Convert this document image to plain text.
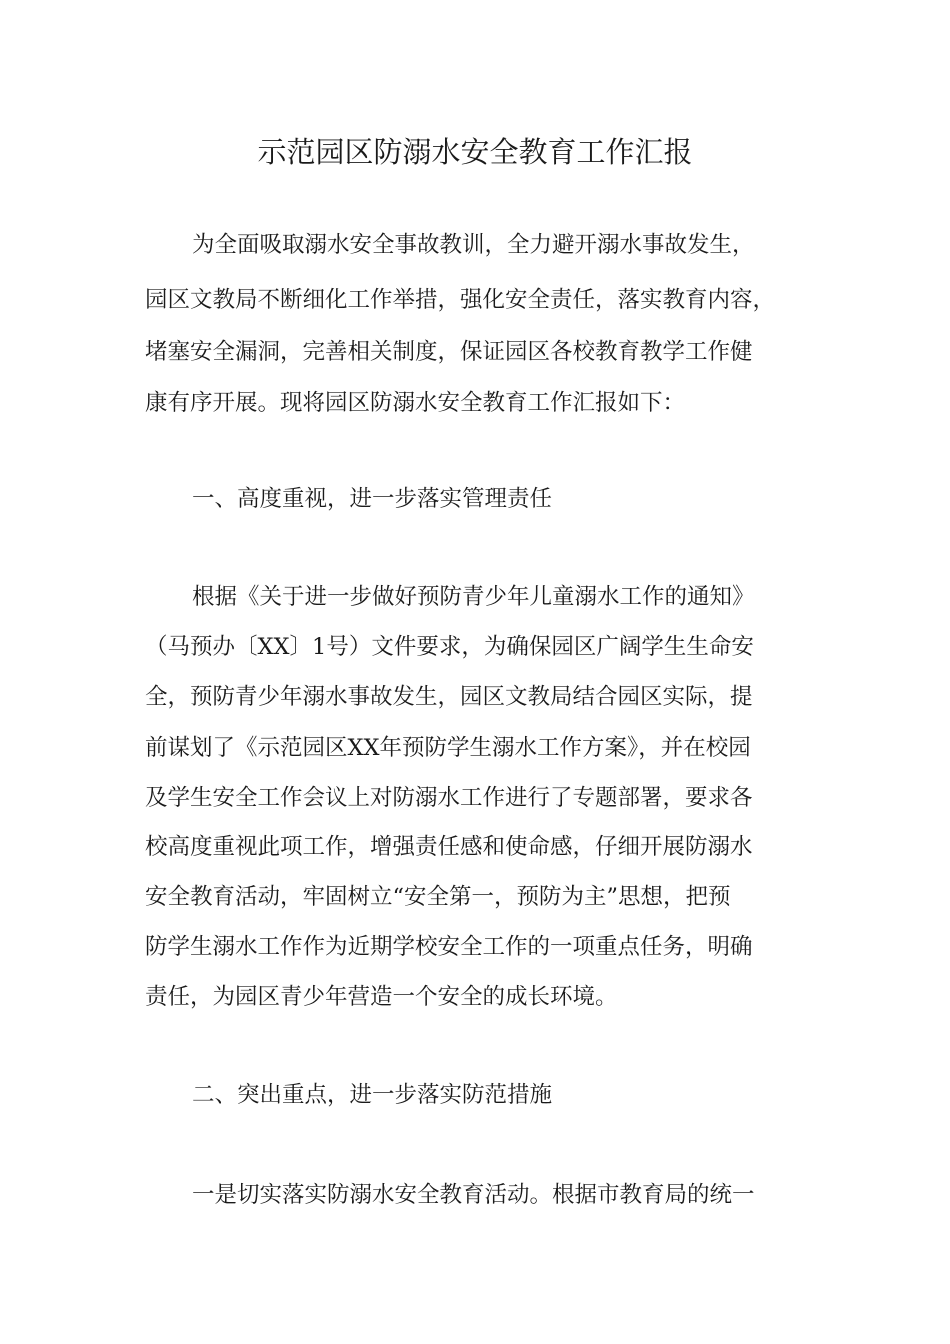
示范园区防溺水安全教育工作汇报

为全面吸取溺水安全事故教训，全力避开溺水事故发生，

园区文教局不断细化工作举措，强化安全责任，落实教育内容，

堵塞安全漏洞，完善相关制度，保证园区各校教育教学工作健

康有序开展。现将园区防溺水安全教育工作汇报如下：

一、高度重视，进一步落实管理责任

根据《关于进一步做好预防青少年儿童溺水工作的通知》

（马预办〔XX〕1号）文件要求，为确保园区广阔学生生命安

全，预防青少年溺水事故发生，园区文教局结合园区实际，提

前谋划了《示范园区XX年预防学生溺水工作方案》，并在校园

及学生安全工作会议上对防溺水工作进行了专题部署，要求各

校高度重视此项工作，增强责任感和使命感，仔细开展防溺水

安全教育活动，牢固树立“安全第一，预防为主”思想，把预

防学生溺水工作作为近期学校安全工作的一项重点任务，明确

责任，为园区青少年营造一个安全的成长环境。

二、突出重点，进一步落实防范措施

一是切实落实防溺水安全教育活动。根据市教育局的统一
